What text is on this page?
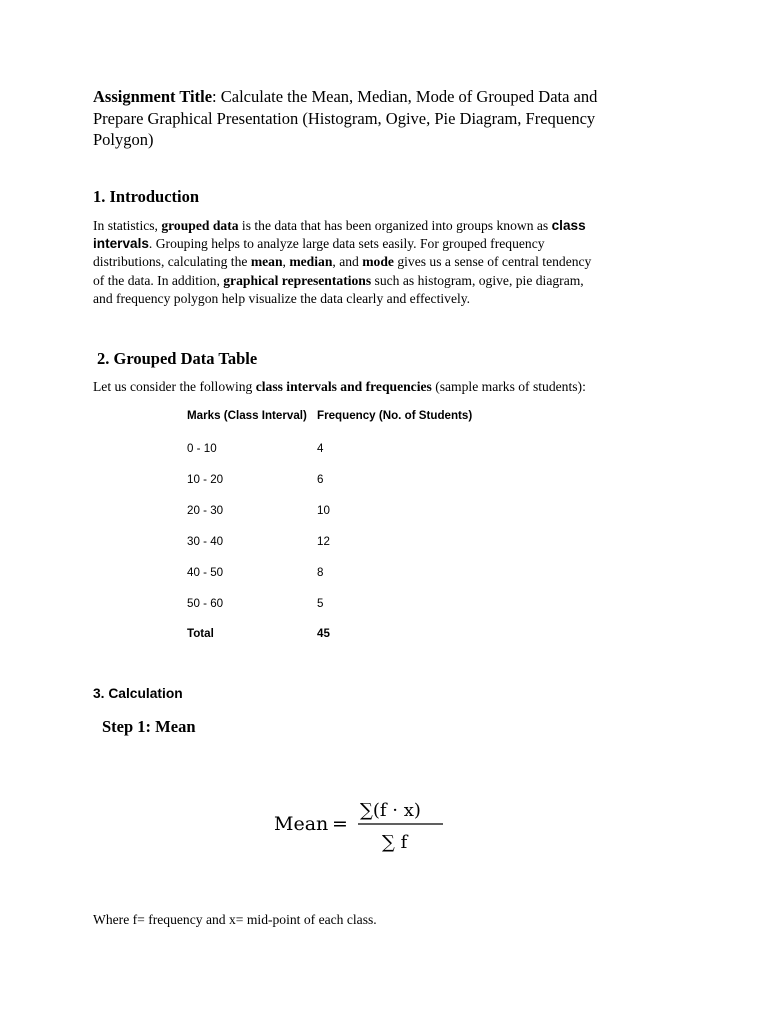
Assignment Title: Calculate the Mean, Median, Mode of Grouped Data and
Prepare Graphical Presentation (Histogram, Ogive, Pie Diagram, Frequency
Polygon)
1. Introduction
In statistics, grouped data is the data that has been organized into groups known as class
intervals. Grouping helps to analyze large data sets easily. For grouped frequency
distributions, calculating the mean, median, and mode gives us a sense of central tendency
of the data. In addition, graphical representations such as histogram, ogive, pie diagram,
and frequency polygon help visualize the data clearly and effectively.
2. Grouped Data Table
Let us consider the following class intervals and frequencies (sample marks of students):
Marks (Class Interval) Frequency (No. of Students)
0 - 10	4
10 - 20	6
20 - 30	10
30 - 40	12
40 - 50	8
50 - 60	5
Total	45
3. Calculation
Step 1: Mean
Mean =
∑(f · x)
∑ f
Where f= frequency and x= mid-point of each class.
